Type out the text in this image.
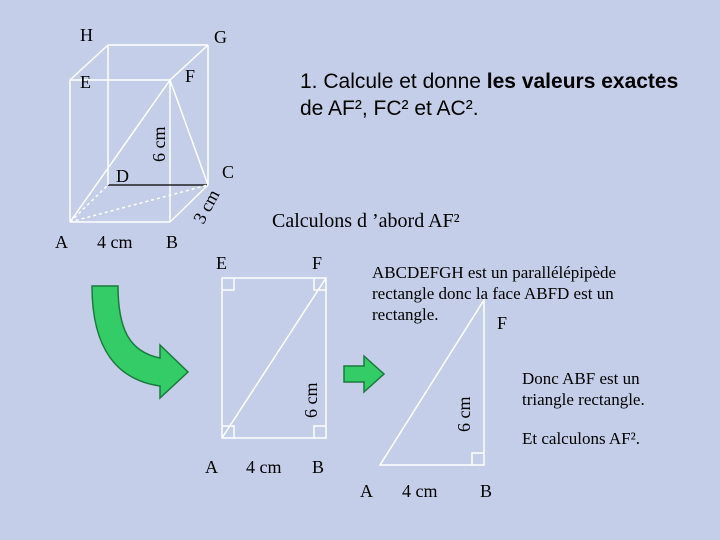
H	G
E	F
D	C
A	B
4 cm
6 cm
3 cm
1. Calcule et donne les valeurs exactes
de AF², FC² et AC².
Calculons d ’abord AF²
E	F
A	B
4 cm
6 cm
ABCDEFGH est un parallélépipède
rectangle donc la face ABFD est un
rectangle.	F
A	B
4 cm
6 cm
Donc ABF est un
triangle rectangle.
Et calculons AF².
